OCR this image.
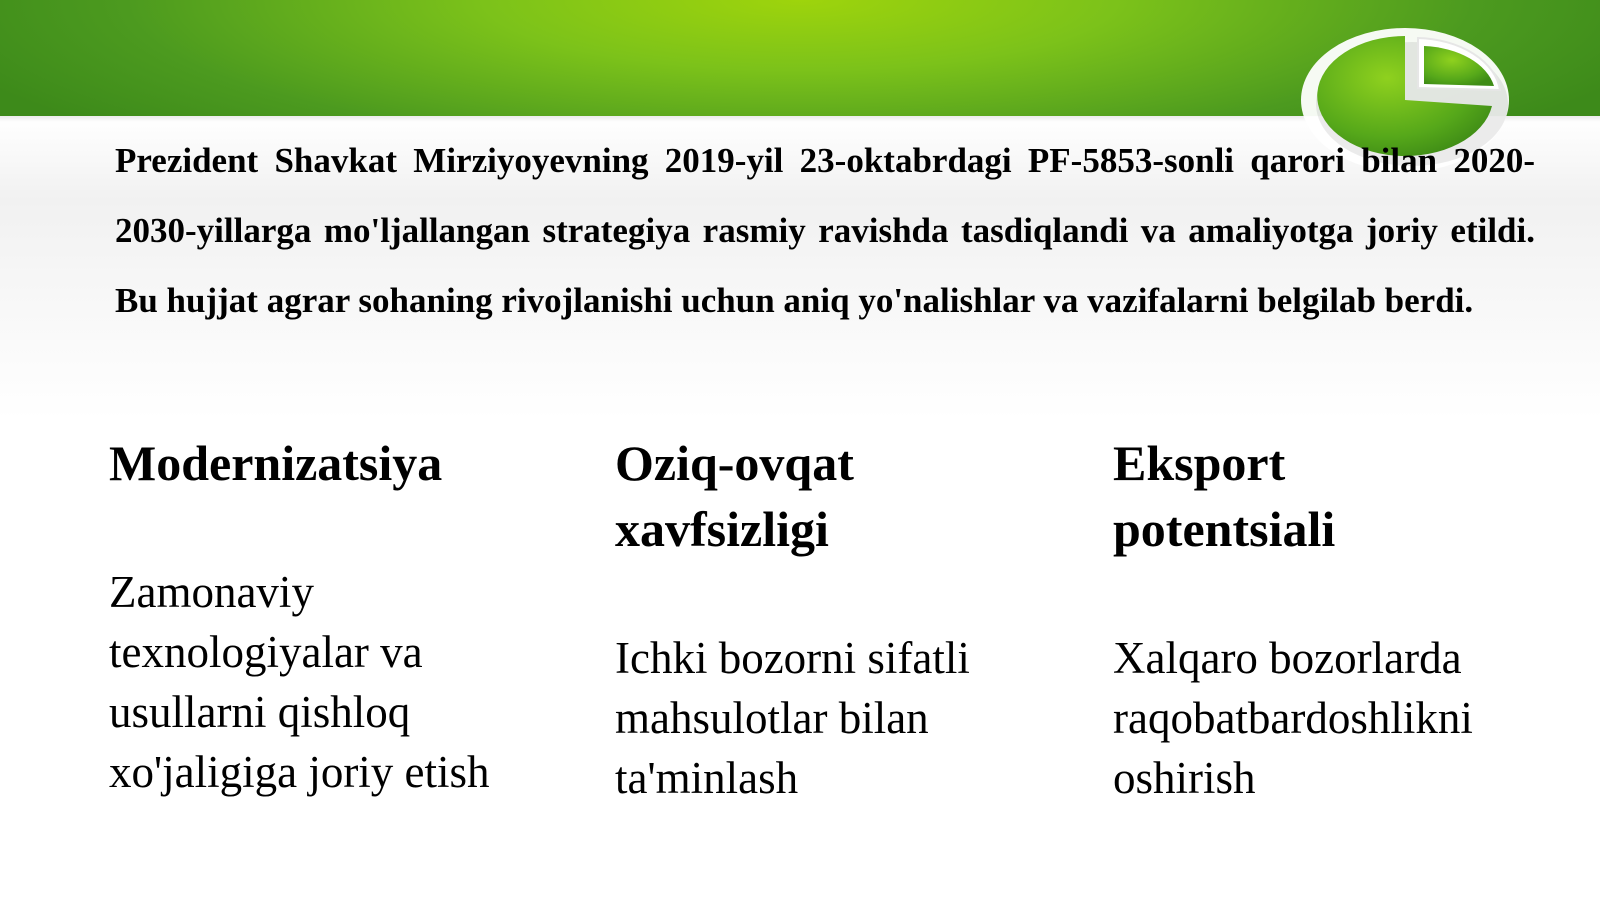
Prezident Shavkat Mirziyoyevning 2019-yil 23-oktabrdagi PF-5853-sonli qarori bilan 2020-2030-yillarga mo'ljallangan strategiya rasmiy ravishda tasdiqlandi va amaliyotga joriy etildi. Bu hujjat agrar sohaning rivojlanishi uchun aniq yo'nalishlar va vazifalarni belgilab berdi.

Modernizatsiya

Zamonaviy texnologiyalar va usullarni qishloq xo'jaligiga joriy etish

Oziq-ovqat xavfsizligi

Ichki bozorni sifatli mahsulotlar bilan ta'minlash

Eksport potentsiali

Xalqaro bozorlarda raqobatbardoshlikni oshirish
